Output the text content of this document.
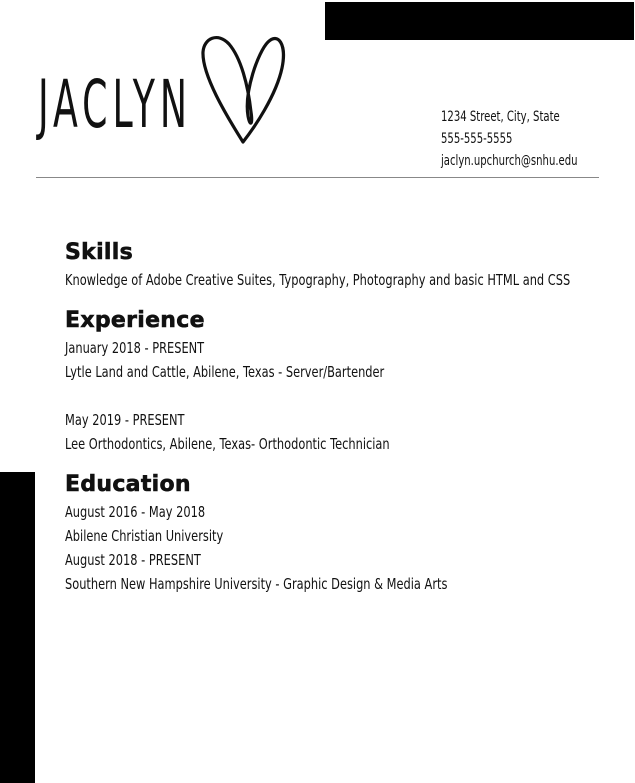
JACLYN	1234 Street, City, State
555-555-5555
jaclyn.upchurch@snhu.edu
Skills
Knowledge of Adobe Creative Suites, Typography, Photography and basic HTML and CSS
Experience
January 2018 - PRESENT
Lytle Land and Cattle, Abilene, Texas - Server/Bartender
May 2019 - PRESENT
Lee Orthodontics, Abilene, Texas- Orthodontic Technician
Education
August 2016 - May 2018
Abilene Christian University
August 2018 - PRESENT
Southern New Hampshire University - Graphic Design & Media Arts
